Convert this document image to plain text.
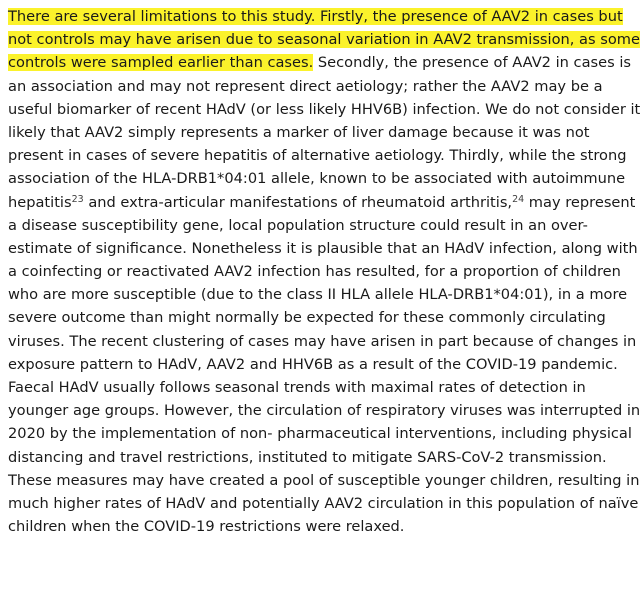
There are several limitations to this study. Firstly, the presence of AAV2 in cases but
not controls may have arisen due to seasonal variation in AAV2 transmission, as some
controls were sampled earlier than cases. Secondly, the presence of AAV2 in cases is
an association and may not represent direct aetiology; rather the AAV2 may be a
useful biomarker of recent HAdV (or less likely HHV6B) infection. We do not consider it
likely that AAV2 simply represents a marker of liver damage because it was not
present in cases of severe hepatitis of alternative aetiology. Thirdly, while the strong
association of the HLA-DRB1*04:01 allele, known to be associated with autoimmune
hepatitis$^{23}$ and extra-articular manifestations of rheumatoid arthritis,$^{24}$ may represent
a disease susceptibility gene, local population structure could result in an over-
estimate of significance. Nonetheless it is plausible that an HAdV infection, along with
a coinfecting or reactivated AAV2 infection has resulted, for a proportion of children
who are more susceptible (due to the class II HLA allele HLA-DRB1*04:01), in a more
severe outcome than might normally be expected for these commonly circulating
viruses. The recent clustering of cases may have arisen in part because of changes in
exposure pattern to HAdV, AAV2 and HHV6B as a result of the COVID-19 pandemic.
Faecal HAdV usually follows seasonal trends with maximal rates of detection in
younger age groups. However, the circulation of respiratory viruses was interrupted in
2020 by the implementation of non- pharmaceutical interventions, including physical
distancing and travel restrictions, instituted to mitigate SARS-CoV-2 transmission.
These measures may have created a pool of susceptible younger children, resulting in
much higher rates of HAdV and potentially AAV2 circulation in this population of naïve
children when the COVID-19 restrictions were relaxed.
